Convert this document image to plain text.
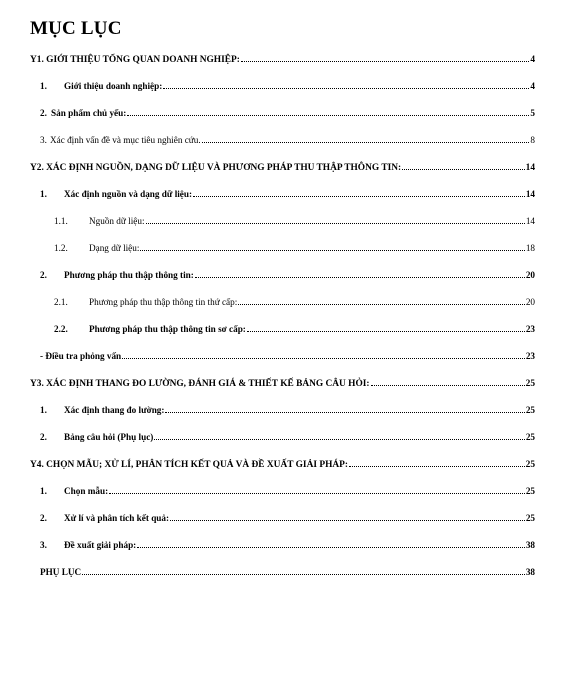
MỤC LỤC
Y1. GIỚI THIỆU TỔNG QUAN DOANH NGHIỆP:	4
1.	Giới thiệu doanh nghiệp:	4
2. Sản phẩm chủ yếu:	5
3. Xác định vấn đề và mục tiêu nghiên cứu.	8
Y2. XÁC ĐỊNH NGUỒN, DẠNG DỮ LIỆU VÀ PHƯƠNG PHÁP THU THẬP THÔNG TIN:	14
1.	Xác định nguồn và dạng dữ liệu:	14
1.1.	Nguồn dữ liệu:	14
1.2.	Dạng dữ liệu:	18
2.	Phương pháp thu thập thông tin:	20
2.1.	Phương pháp thu thập thông tin thứ cấp:	20
2.2.	Phương pháp thu thập thông tin sơ cấp:	23
- Điều tra phỏng vấn	23
Y3. XÁC ĐỊNH THANG ĐO LƯỜNG, ĐÁNH GIÁ & THIẾT KẾ BẢNG CÂU HỎI:	25
1.	Xác định thang đo lường:	25
2.	Bảng câu hỏi (Phụ lục)	25
Y4. CHỌN MẪU; XỬ LÍ, PHÂN TÍCH KẾT QUẢ VÀ ĐỀ XUẤT GIẢI PHÁP:	25
1.	Chọn mẫu:	25
2.	Xử lí và phân tích kết quả:	25
3.	Đề xuất giải pháp:	38
PHỤ LỤC	38
